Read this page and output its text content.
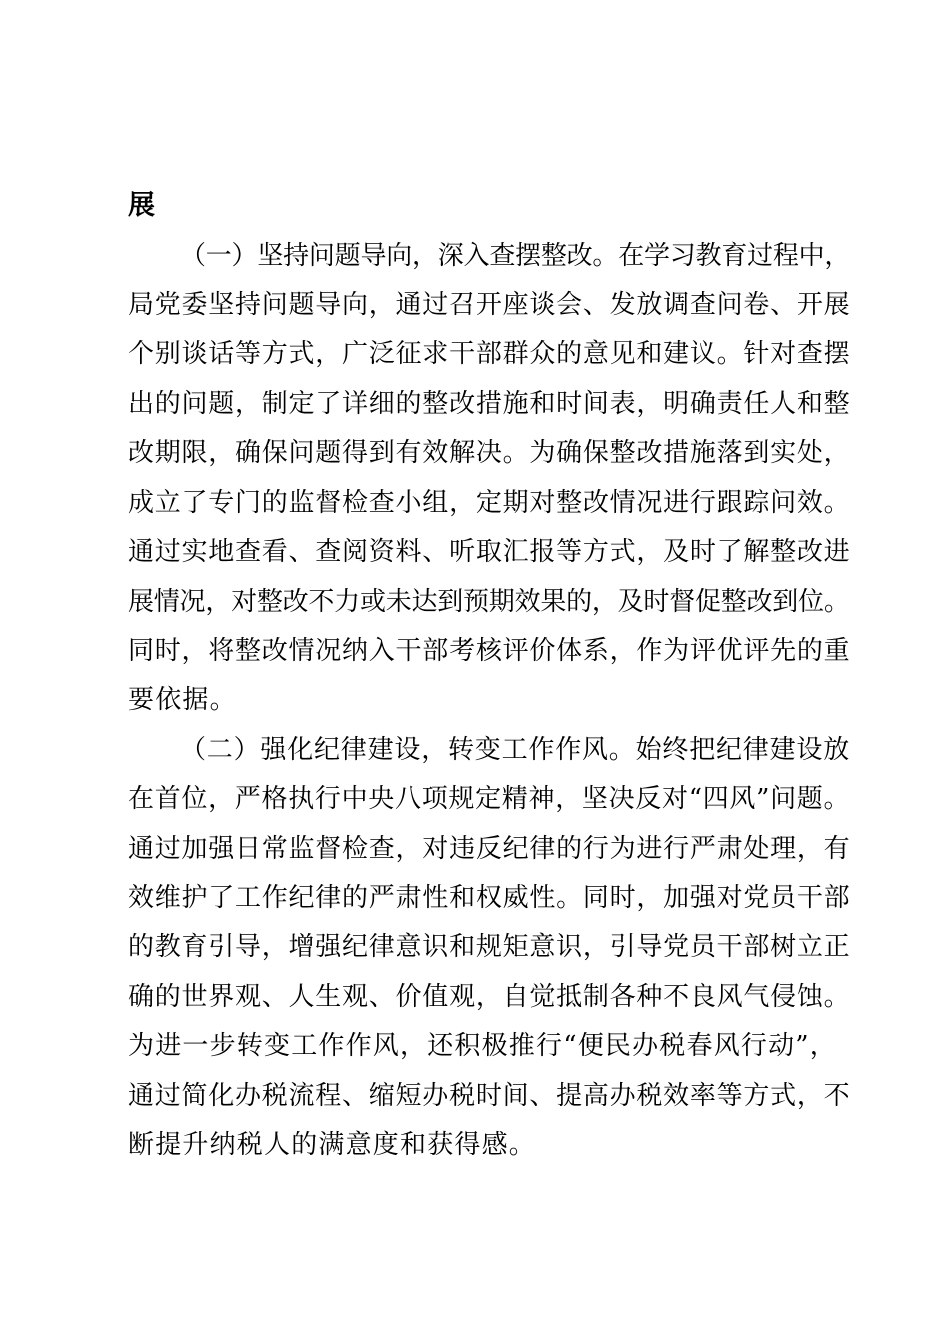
展
（一）坚持问题导向，深入查摆整改。在学习教育过程中，
局党委坚持问题导向，通过召开座谈会、发放调查问卷、开展
个别谈话等方式，广泛征求干部群众的意见和建议。针对查摆
出的问题，制定了详细的整改措施和时间表，明确责任人和整
改期限，确保问题得到有效解决。为确保整改措施落到实处，
成立了专门的监督检查小组，定期对整改情况进行跟踪问效。
通过实地查看、查阅资料、听取汇报等方式，及时了解整改进
展情况，对整改不力或未达到预期效果的，及时督促整改到位。
同时，将整改情况纳入干部考核评价体系，作为评优评先的重
要依据。
（二）强化纪律建设，转变工作作风。始终把纪律建设放
在首位，严格执行中央八项规定精神，坚决反对“四风”问题。
通过加强日常监督检查，对违反纪律的行为进行严肃处理，有
效维护了工作纪律的严肃性和权威性。同时，加强对党员干部
的教育引导，增强纪律意识和规矩意识，引导党员干部树立正
确的世界观、人生观、价值观，自觉抵制各种不良风气侵蚀。
为进一步转变工作作风，还积极推行“便民办税春风行动”，
通过简化办税流程、缩短办税时间、提高办税效率等方式，不
断提升纳税人的满意度和获得感。
